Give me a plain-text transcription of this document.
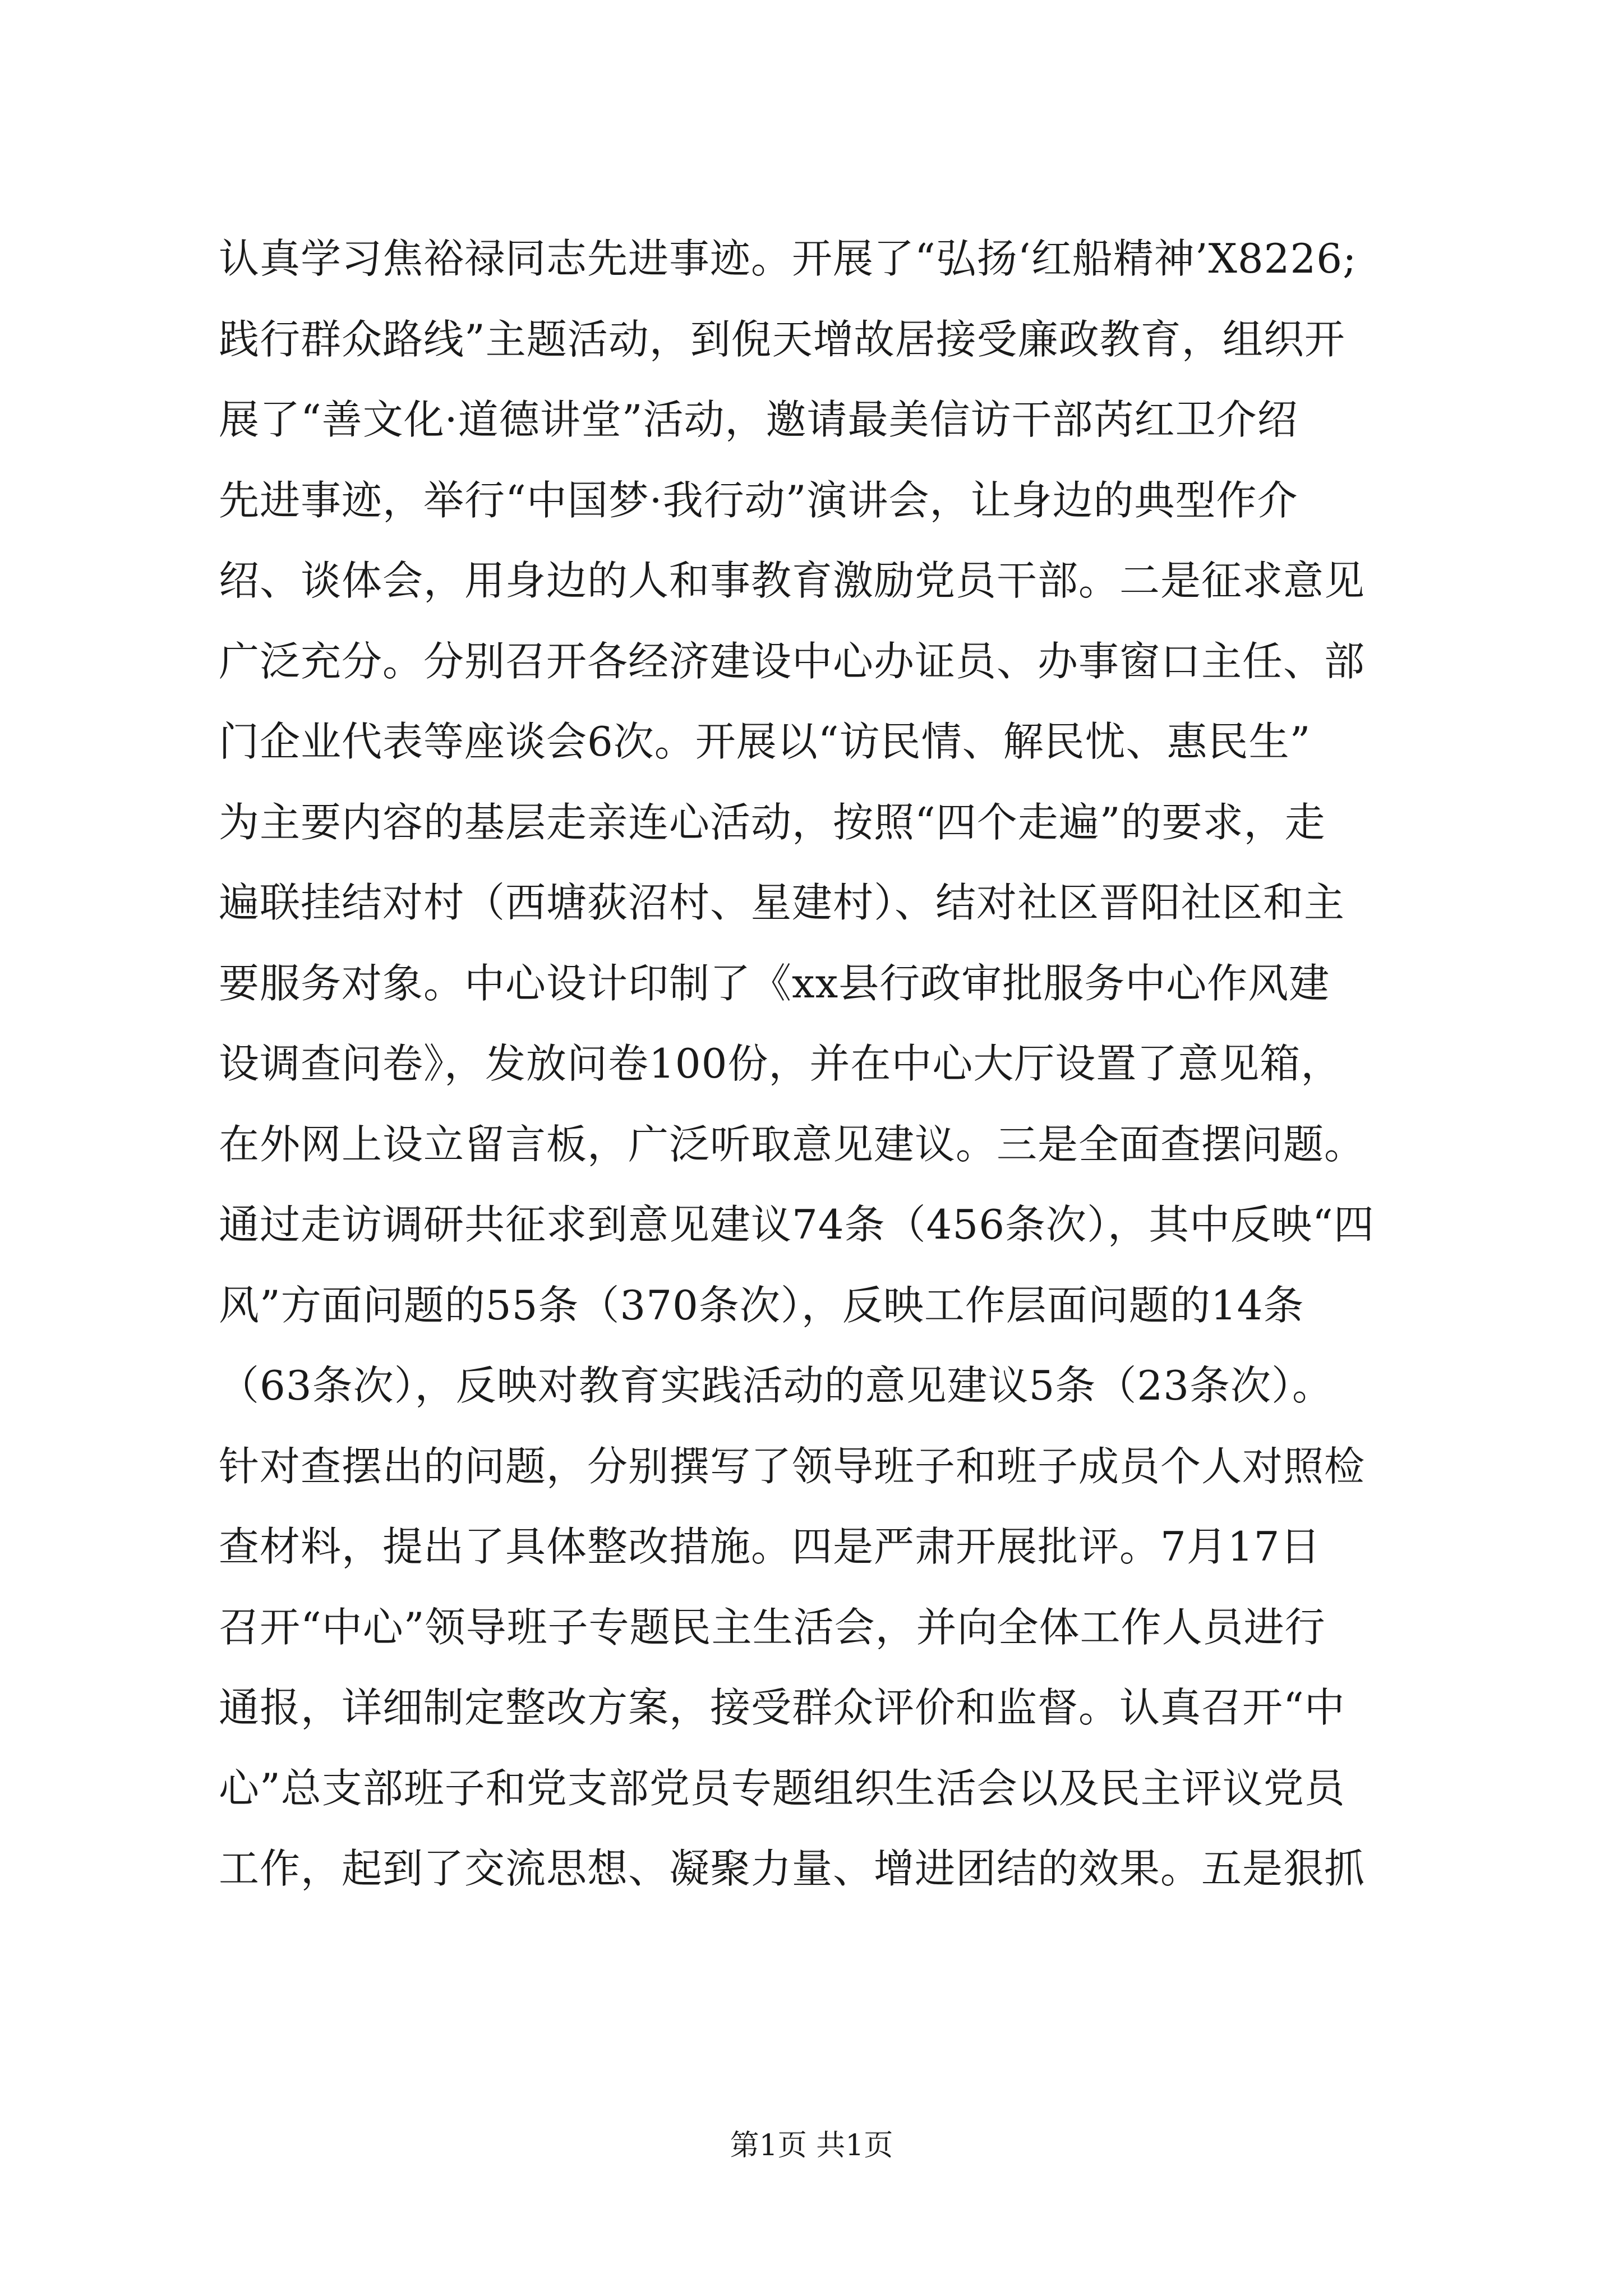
认真学习焦裕禄同志先进事迹。开展了“弘扬‘红船精神’X8226;
践行群众路线”主题活动，到倪天增故居接受廉政教育，组织开
展了“善文化·道德讲堂”活动，邀请最美信访干部芮红卫介绍
先进事迹，举行“中国梦·我行动”演讲会，让身边的典型作介
绍、谈体会，用身边的人和事教育激励党员干部。二是征求意见
广泛充分。分别召开各经济建设中心办证员、办事窗口主任、部
门企业代表等座谈会6次。开展以“访民情、解民忧、惠民生”
为主要内容的基层走亲连心活动，按照“四个走遍”的要求，走
遍联挂结对村（西塘荻沼村、星建村）、结对社区晋阳社区和主
要服务对象。中心设计印制了《xx县行政审批服务中心作风建
设调查问卷》，发放问卷100份，并在中心大厅设置了意见箱，
在外网上设立留言板，广泛听取意见建议。三是全面查摆问题。
通过走访调研共征求到意见建议74条（456条次），其中反映“四
风”方面问题的55条（370条次），反映工作层面问题的14条
（63条次），反映对教育实践活动的意见建议5条（23条次）。
针对查摆出的问题，分别撰写了领导班子和班子成员个人对照检
查材料，提出了具体整改措施。四是严肃开展批评。7月17日
召开“中心”领导班子专题民主生活会，并向全体工作人员进行
通报，详细制定整改方案，接受群众评价和监督。认真召开“中
心”总支部班子和党支部党员专题组织生活会以及民主评议党员
工作，起到了交流思想、凝聚力量、增进团结的效果。五是狠抓
第1页 共1页
